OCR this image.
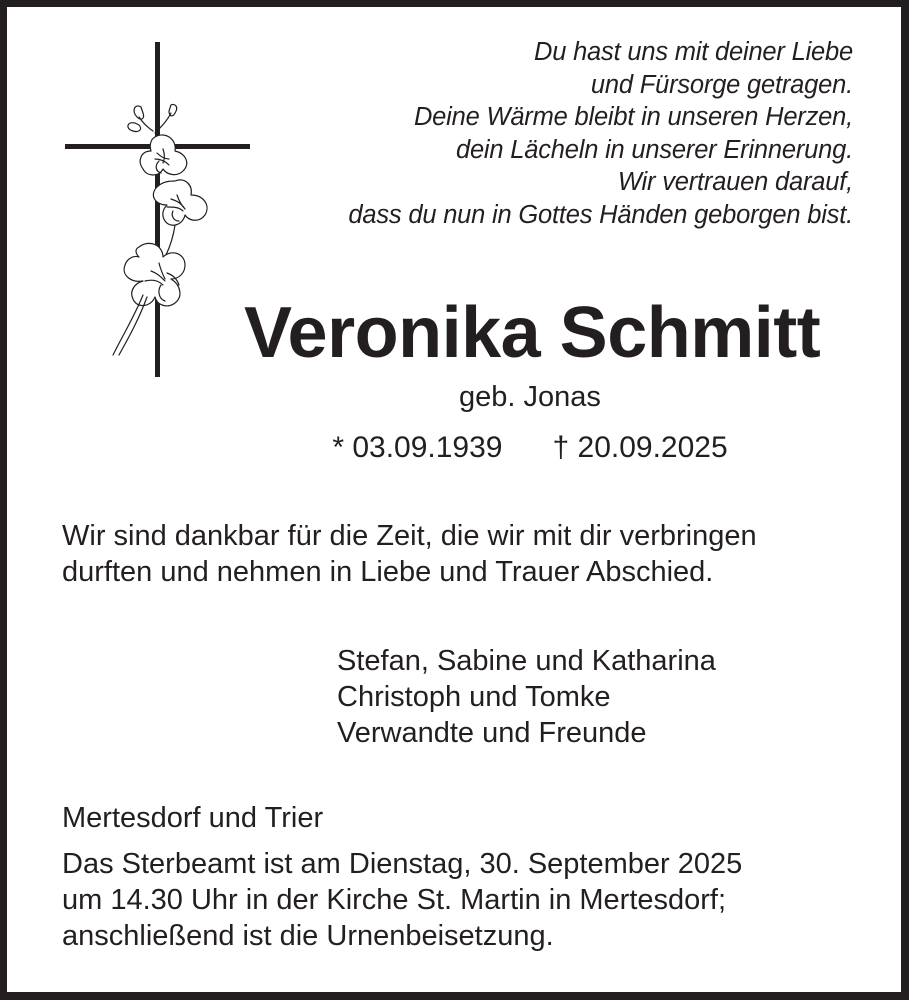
Du hast uns mit deiner Liebe
und Fürsorge getragen.
Deine Wärme bleibt in unseren Herzen,
dein Lächeln in unserer Erinnerung.
Wir vertrauen darauf,
dass du nun in Gottes Händen geborgen bist.
Veronika Schmitt
geb. Jonas
* 03.09.1939 † 20.09.2025
Wir sind dankbar für die Zeit, die wir mit dir verbringen
durften und nehmen in Liebe und Trauer Abschied.
Stefan, Sabine und Katharina
Christoph und Tomke
Verwandte und Freunde
Mertesdorf und Trier
Das Sterbeamt ist am Dienstag, 30. September 2025
um 14.30 Uhr in der Kirche St. Martin in Mertesdorf;
anschließend ist die Urnenbeisetzung.
